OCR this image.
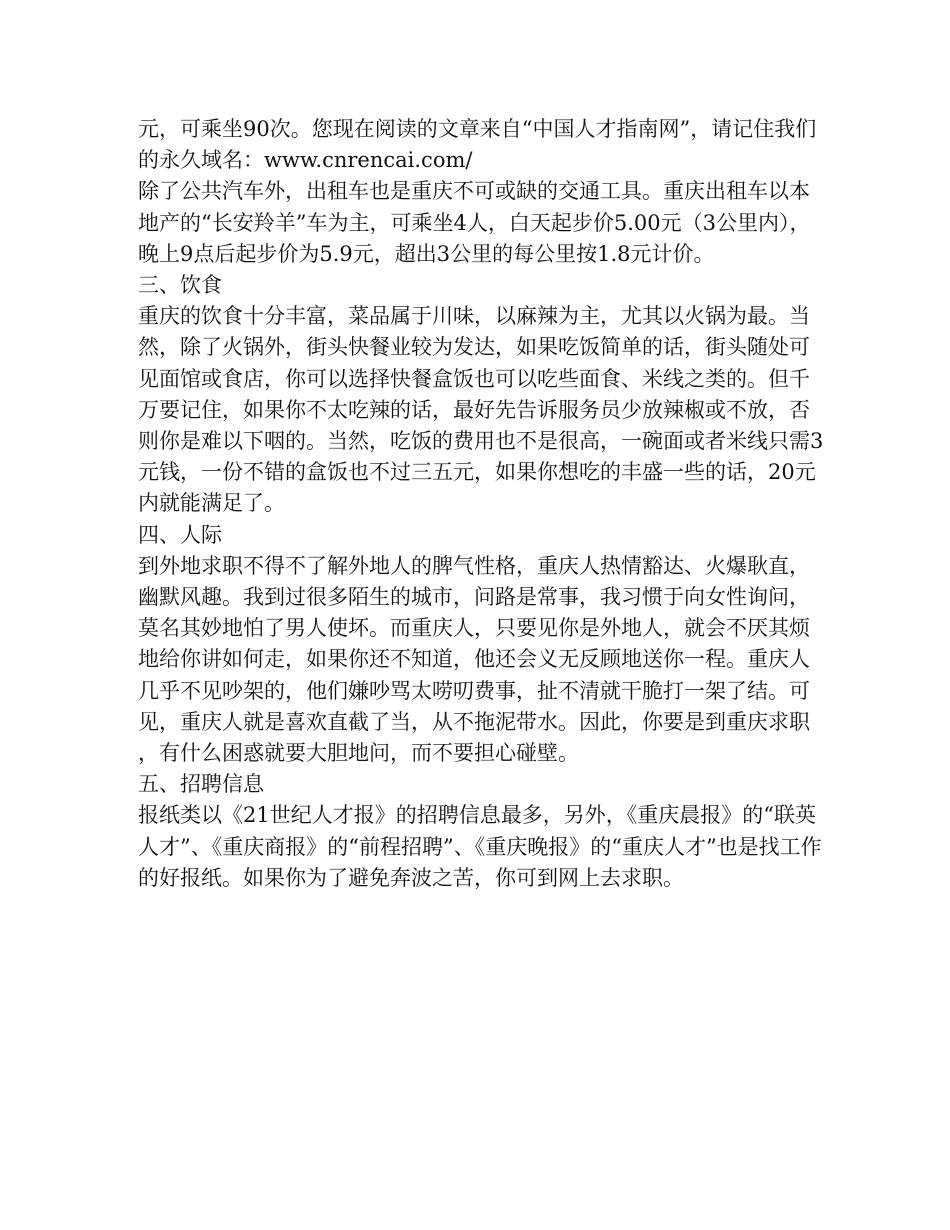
元，可乘坐90次。您现在阅读的文章来自“中国人才指南网”，请记住我们的永久域名：www.cnrencai.com/

除了公共汽车外，出租车也是重庆不可或缺的交通工具。重庆出租车以本地产的“长安羚羊”车为主，可乘坐4人，白天起步价5.00元（3公里内），晚上9点后起步价为5.9元，超出3公里的每公里按1.8元计价。

三、饮食

重庆的饮食十分丰富，菜品属于川味，以麻辣为主，尤其以火锅为最。当然，除了火锅外，街头快餐业较为发达，如果吃饭简单的话，街头随处可见面馆或食店，你可以选择快餐盒饭也可以吃些面食、米线之类的。但千万要记住，如果你不太吃辣的话，最好先告诉服务员少放辣椒或不放，否则你是难以下咽的。当然，吃饭的费用也不是很高，一碗面或者米线只需3元钱，一份不错的盒饭也不过三五元，如果你想吃的丰盛一些的话，20元内就能满足了。

四、人际

到外地求职不得不了解外地人的脾气性格，重庆人热情豁达、火爆耿直，幽默风趣。我到过很多陌生的城市，问路是常事，我习惯于向女性询问，莫名其妙地怕了男人使坏。而重庆人，只要见你是外地人，就会不厌其烦地给你讲如何走，如果你还不知道，他还会义无反顾地送你一程。重庆人几乎不见吵架的，他们嫌吵骂太唠叨费事，扯不清就干脆打一架了结。可见，重庆人就是喜欢直截了当，从不拖泥带水。因此，你要是到重庆求职，有什么困惑就要大胆地问，而不要担心碰壁。

五、招聘信息

报纸类以《21世纪人才报》的招聘信息最多，另外，《重庆晨报》的“联英人才”、《重庆商报》的“前程招聘”、《重庆晚报》的“重庆人才”也是找工作的好报纸。如果你为了避免奔波之苦，你可到网上去求职。
